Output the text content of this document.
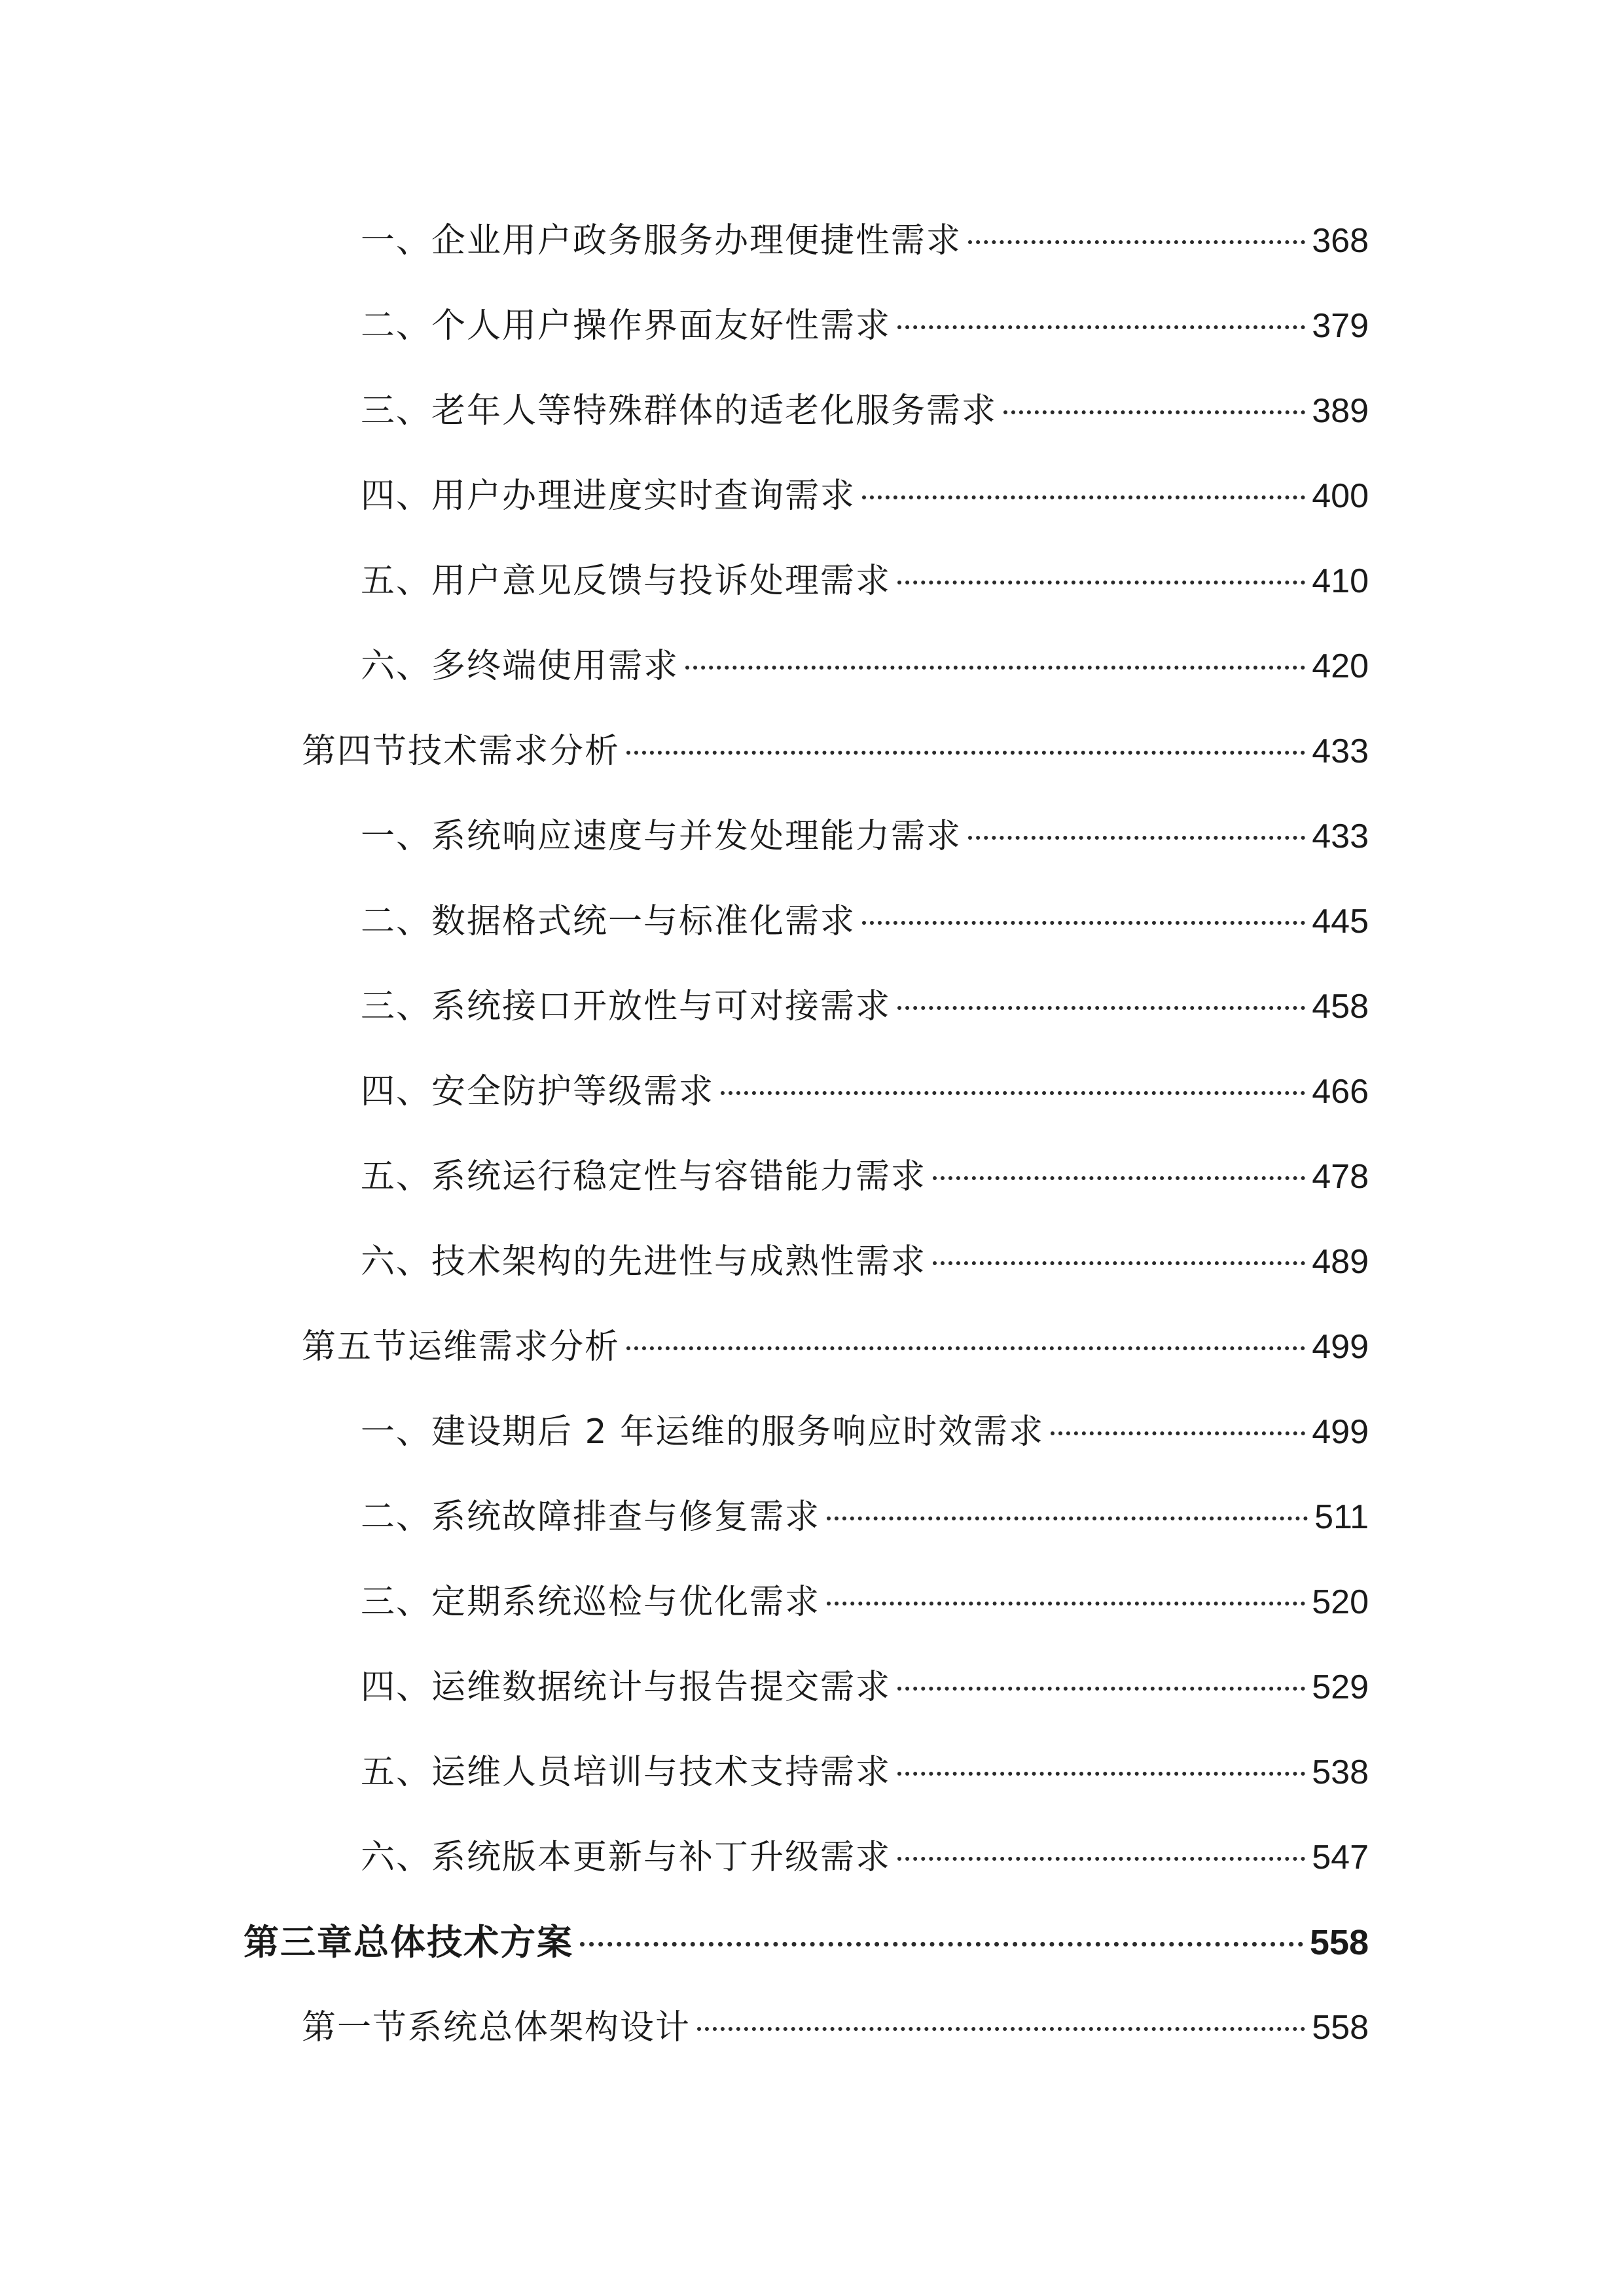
一、企业用户政务服务办理便捷性需求	368
二、个人用户操作界面友好性需求	379
三、老年人等特殊群体的适老化服务需求	389
四、用户办理进度实时查询需求	400
五、用户意见反馈与投诉处理需求	410
六、多终端使用需求	420
第四节技术需求分析	433
一、系统响应速度与并发处理能力需求	433
二、数据格式统一与标准化需求	445
三、系统接口开放性与可对接需求	458
四、安全防护等级需求	466
五、系统运行稳定性与容错能力需求	478
六、技术架构的先进性与成熟性需求	489
第五节运维需求分析	499
一、建设期后 2 年运维的服务响应时效需求	499
二、系统故障排查与修复需求	511
三、定期系统巡检与优化需求	520
四、运维数据统计与报告提交需求	529
五、运维人员培训与技术支持需求	538
六、系统版本更新与补丁升级需求	547
第三章总体技术方案	558
第一节系统总体架构设计	558
